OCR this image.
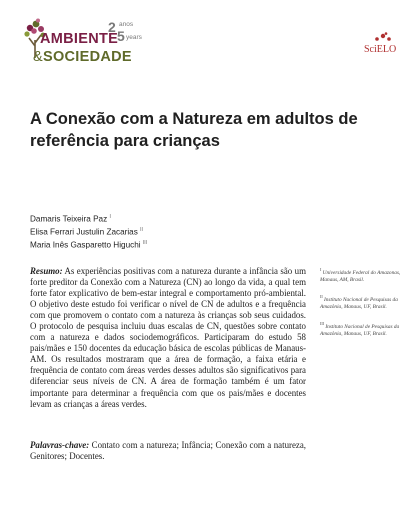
AMBIENTE
&SOCIEDADE
2 anos
5 years
SciELO
A Conexão com a Natureza em adultos de referência para crianças
Damaris Teixeira Paz $^I$
Elisa Ferrari Justulin Zacarias $^{II}$
Maria Inês Gasparetto Higuchi $^{III}$
Resumo: As experiências positivas com a natureza durante a infância são um forte preditor da Conexão com a Natureza (CN) ao longo da vida, a qual tem forte fator explicativo de bem-estar integral e comportamento pró-ambiental. O objetivo deste estudo foi verificar o nível de CN de adultos e a frequência com que promovem o contato com a natureza às crianças sob seus cuidados. O protocolo de pesquisa incluiu duas escalas de CN, questões sobre contato com a natureza e dados sociodemográficos. Participaram do estudo 58 pais/mães e 150 docentes da educação básica de escolas públicas de Manaus-AM. Os resultados mostraram que a área de formação, a faixa etária e frequência de contato com áreas verdes desses adultos são significativos para diferenciar seus níveis de CN. A área de formação também é um fator importante para determinar a frequência com que os pais/mães e docentes levam as crianças a áreas verdes.
Palavras-chave: Contato com a natureza; Infância; Conexão com a natureza, Genitores; Docentes.
$^I$ Universidade Federal do Amazonas, Manaus, AM, Brasil.
$^{II}$ Instituto Nacional de Pesquisas da Amazônia, Manaus, UF, Brasil.
$^{III}$ Instituto Nacional de Pesquisas da Amazônia, Manaus, UF, Brasil.
